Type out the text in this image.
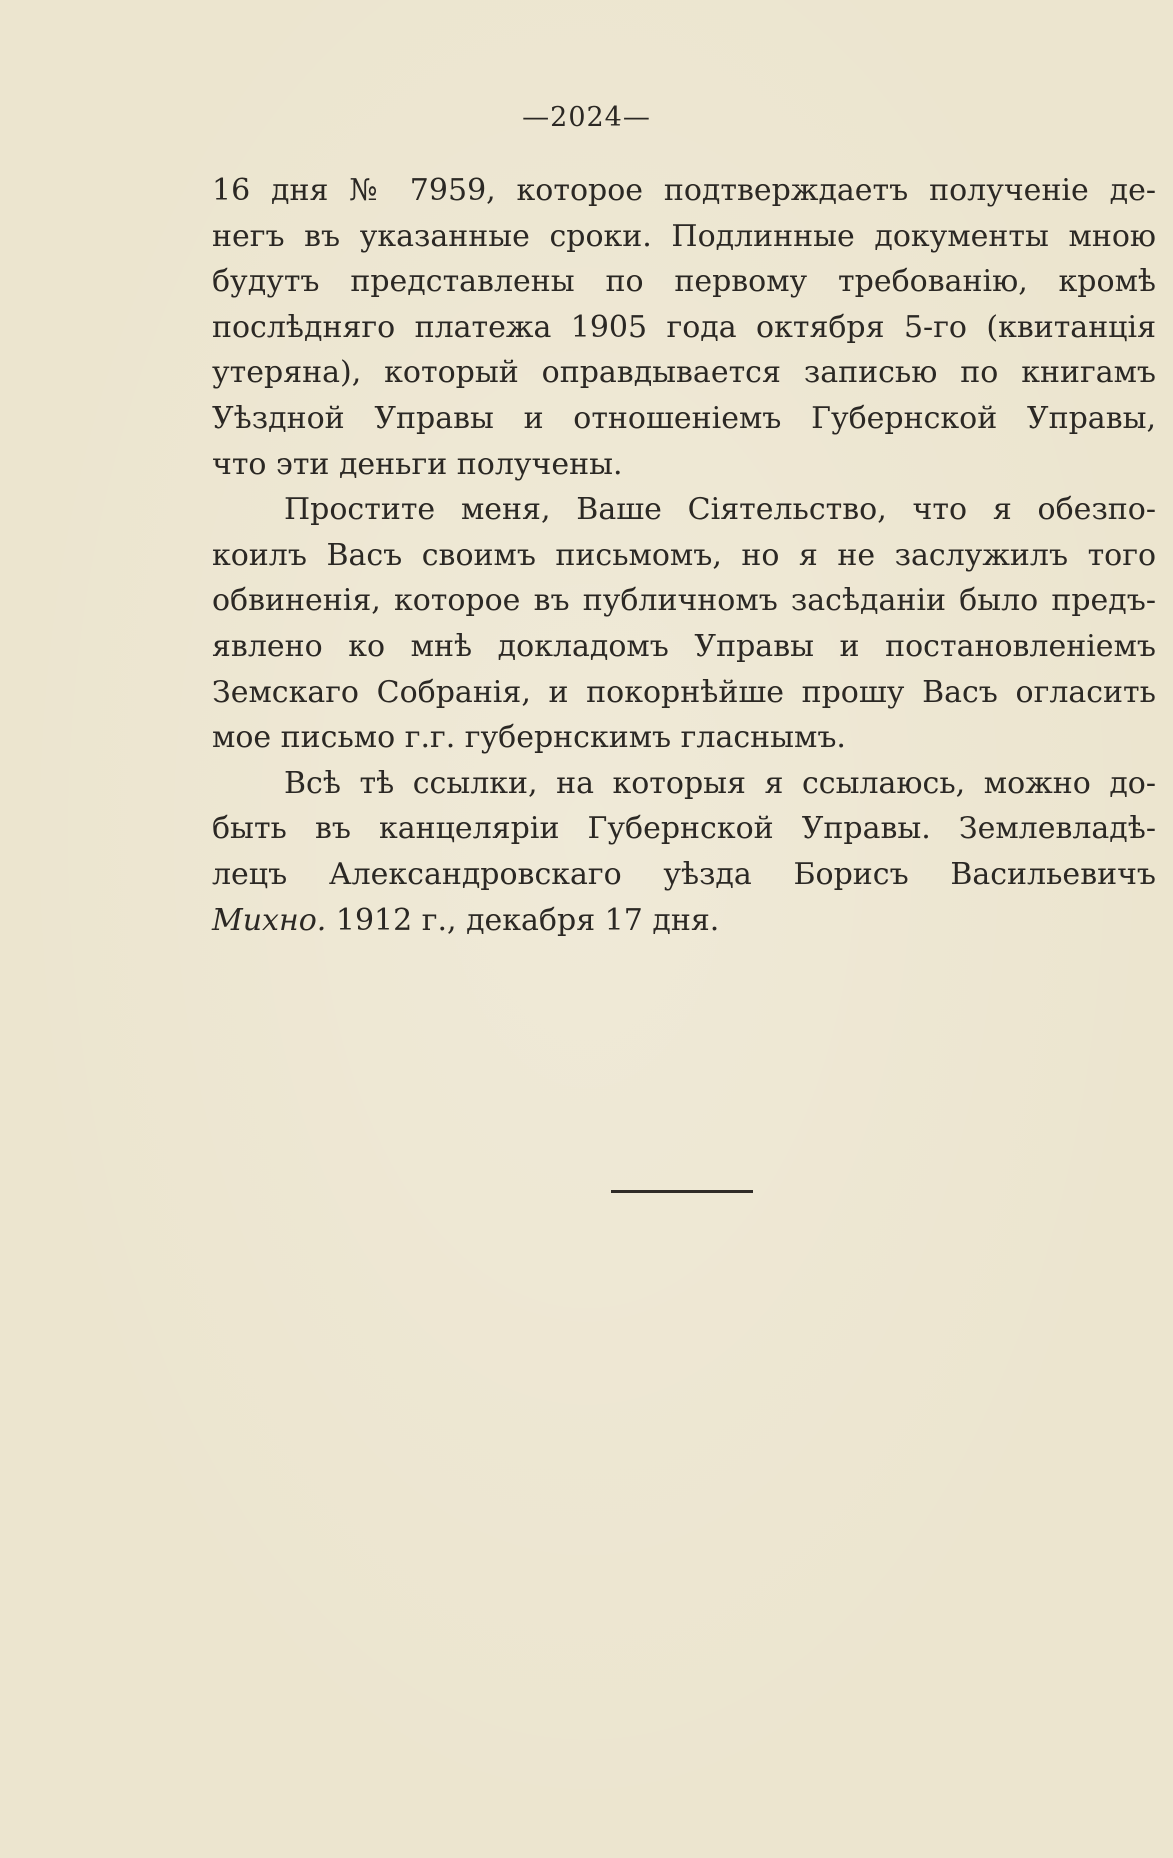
—2024—
16 дня № 7959, которое подтверждаетъ полученіе де-
негъ въ указанные сроки. Подлинные документы мною
будутъ представлены по первому требованію, кромѣ
послѣдняго платежа 1905 года октября 5-го (квитанція
утеряна), который оправдывается записью по книгамъ
Уѣздной Управы и отношеніемъ Губернской Управы,
что эти деньги получены.
Простите меня, Ваше Сіятельство, что я обезпо-
коилъ Васъ своимъ письмомъ, но я не заслужилъ того
обвиненія, которое въ публичномъ засѣданіи было предъ-
явлено ко мнѣ докладомъ Управы и постановленіемъ
Земскаго Собранія, и покорнѣйше прошу Васъ огласить
мое письмо г.г. губернскимъ гласнымъ.
Всѣ тѣ ссылки, на которыя я ссылаюсь, можно до-
быть въ канцеляріи Губернской Управы. Землевладѣ-
лецъ Александровскаго уѣзда Борисъ Васильевичъ
Михно. 1912 г., декабря 17 дня.
